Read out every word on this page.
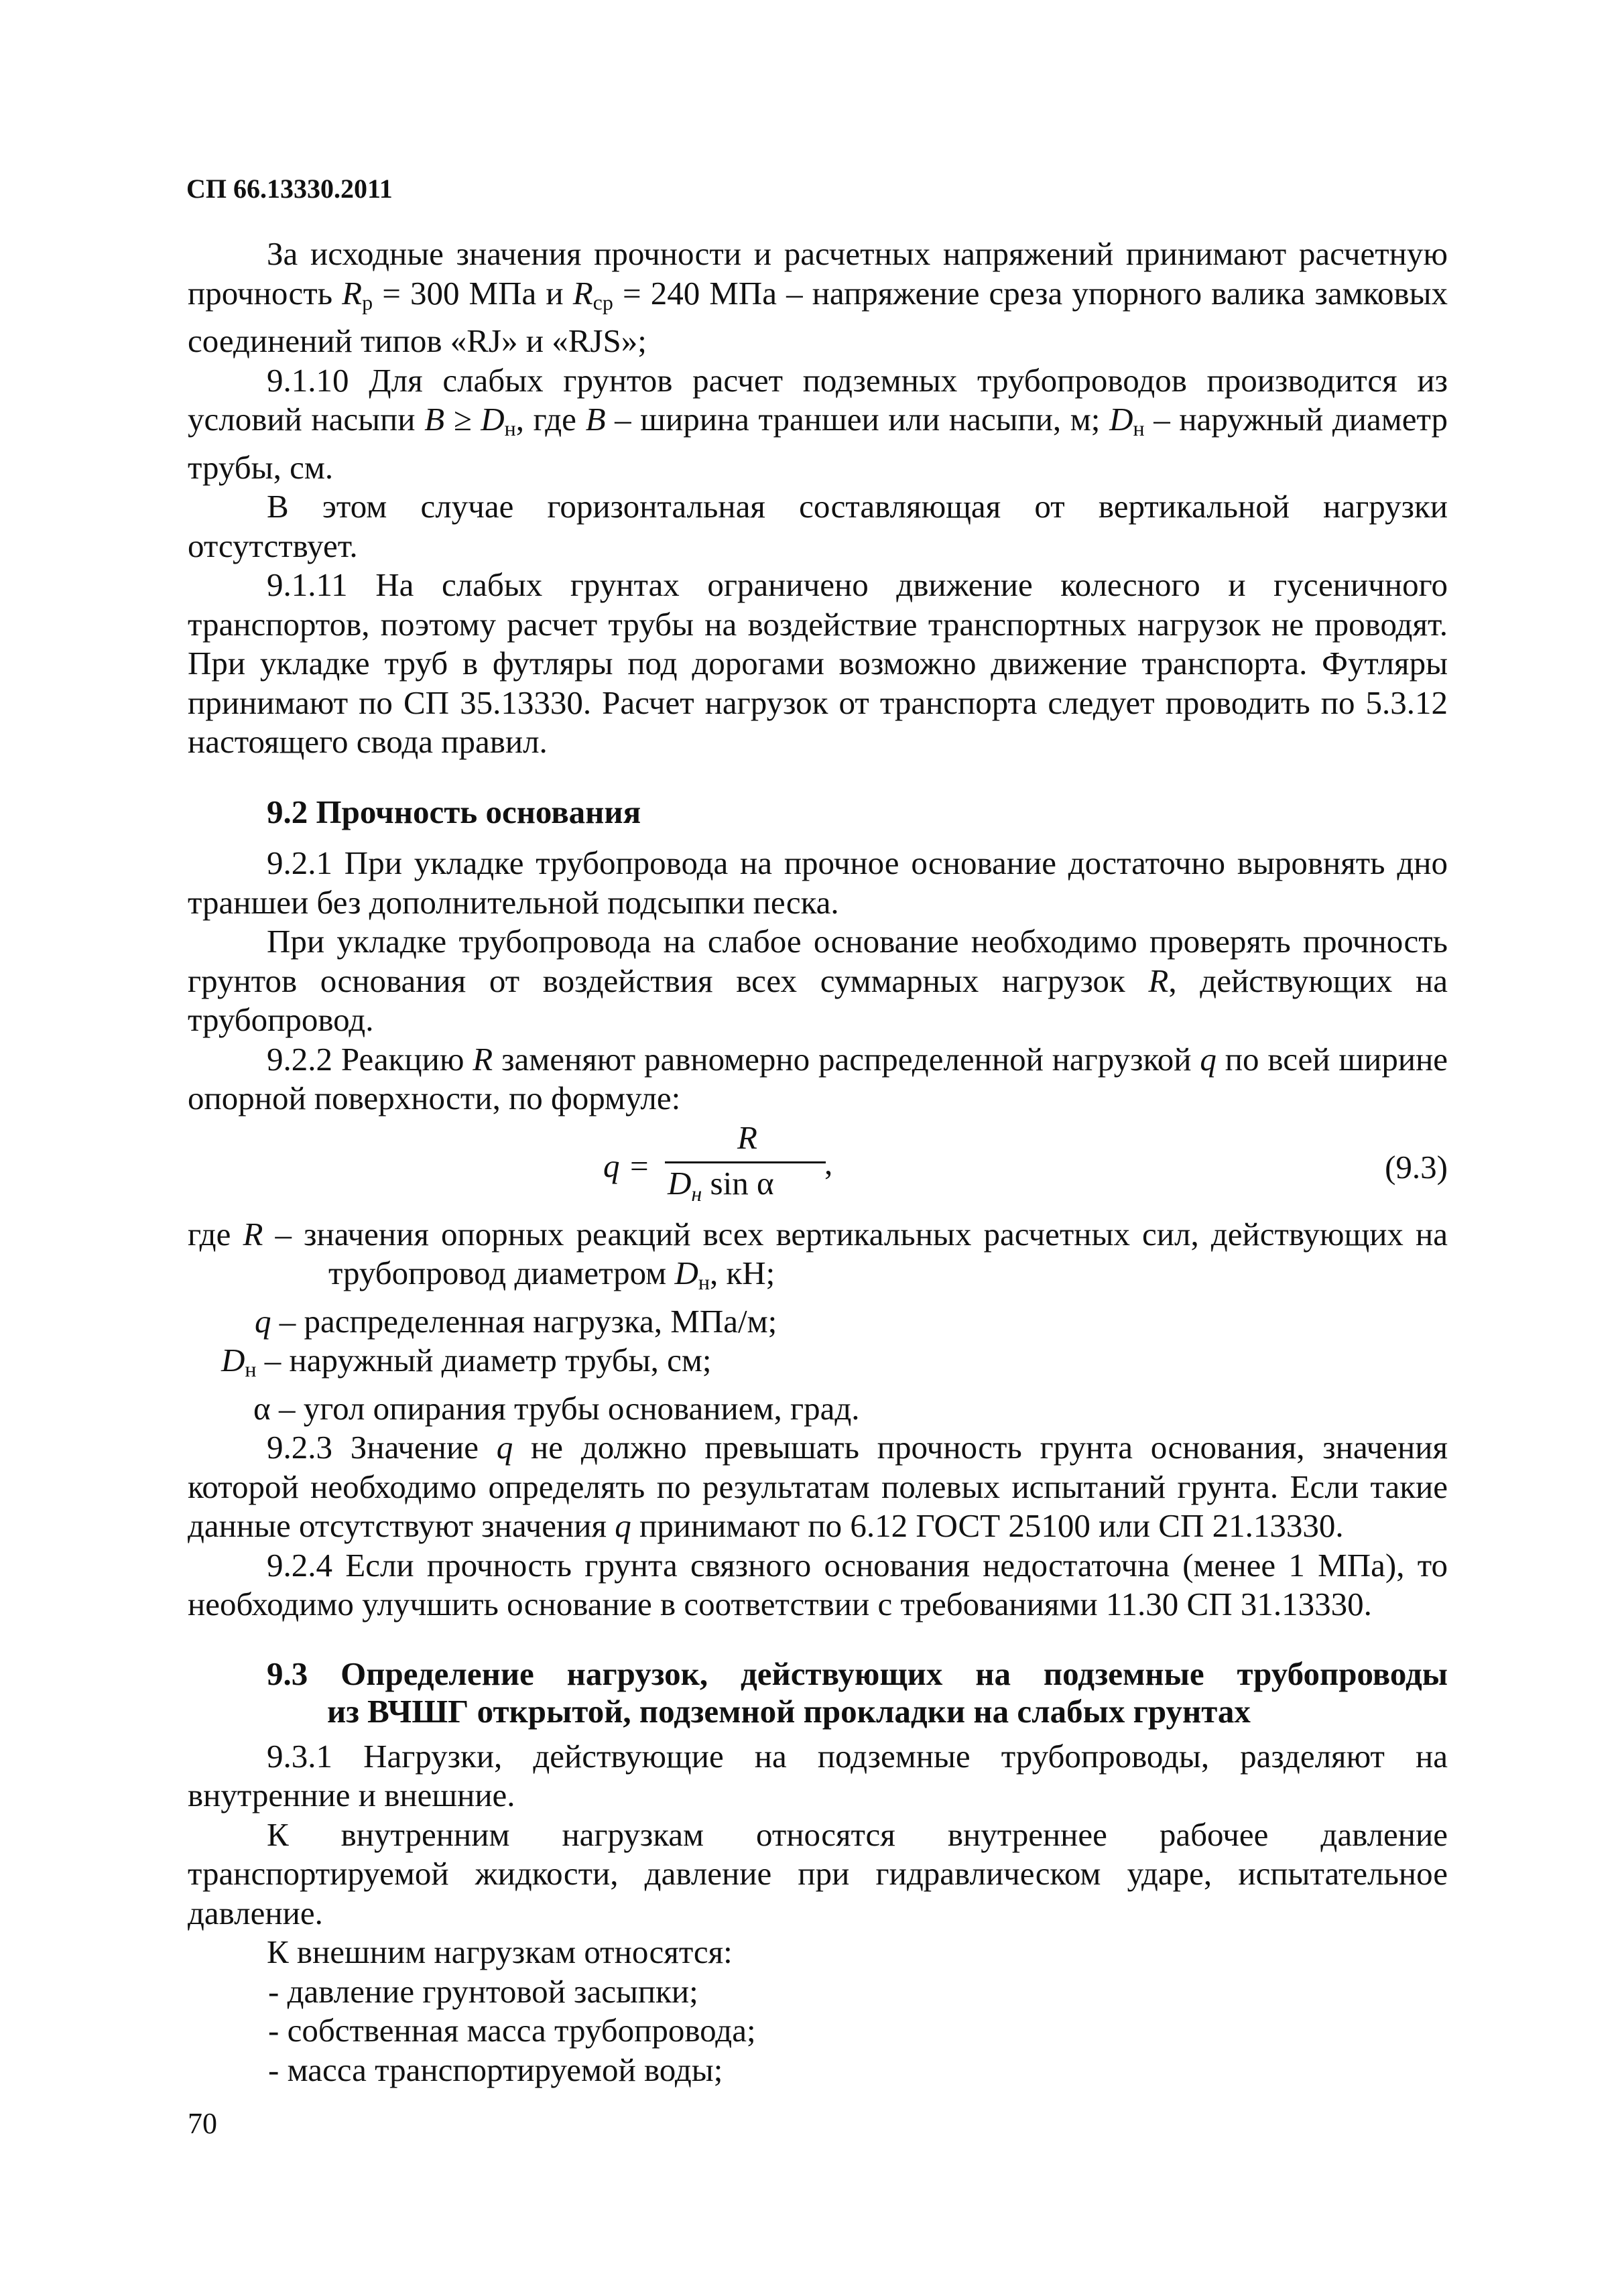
СП 66.13330.2011

За исходные значения прочности и расчетных напряжений принимают расчетную прочность $R_р = 300$ МПа и $R_{ср} = 240$ МПа – напряжение среза упорного валика замковых соединений типов «RJ» и «RJS»;

9.1.10 Для слабых грунтов расчет подземных трубопроводов производится из условий насыпи $B \ge D_н$, где B – ширина траншеи или насыпи, м; $D_н$ – наружный диаметр трубы, см.

В этом случае горизонтальная составляющая от вертикальной нагрузки отсутствует.

9.1.11 На слабых грунтах ограничено движение колесного и гусеничного транспортов, поэтому расчет трубы на воздействие транспортных нагрузок не проводят. При укладке труб в футляры под дорогами возможно движение транспорта. Футляры принимают по СП 35.13330. Расчет нагрузок от транспорта следует проводить по 5.3.12 настоящего свода правил.

9.2 Прочность основания

9.2.1 При укладке трубопровода на прочное основание достаточно выровнять дно траншеи без дополнительной подсыпки песка.

При укладке трубопровода на слабое основание необходимо проверять прочность грунтов основания от воздействия всех суммарных нагрузок R, действующих на трубопровод.

9.2.2 Реакцию R заменяют равномерно распределенной нагрузкой q по всей ширине опорной поверхности, по формуле:

q =
R
$D_н$ sin α
,	(9.3)

где R – значения опорных реакций всех вертикальных расчетных сил, действующих на трубопровод диаметром $D_н$, кН;

q – распределенная нагрузка, МПа/м;

$D_н$ – наружный диаметр трубы, см;

α – угол опирания трубы основанием, град.

9.2.3 Значение q не должно превышать прочность грунта основания, значения которой необходимо определять по результатам полевых испытаний грунта. Если такие данные отсутствуют значения q принимают по 6.12 ГОСТ 25100 или СП 21.13330.

9.2.4 Если прочность грунта связного основания недостаточна (менее 1 МПа), то необходимо улучшить основание в соответствии с требованиями 11.30 СП 31.13330.

9.3 Определение нагрузок, действующих на подземные трубопроводы
из ВЧШГ открытой, подземной прокладки на слабых грунтах

9.3.1 Нагрузки, действующие на подземные трубопроводы, разделяют на внутренние и внешние.

К внутренним нагрузкам относятся внутреннее рабочее давление транспортируемой жидкости, давление при гидравлическом ударе, испытательное давление.

К внешним нагрузкам относятся:

- давление грунтовой засыпки;

- собственная масса трубопровода;

- масса транспортируемой воды;

70
